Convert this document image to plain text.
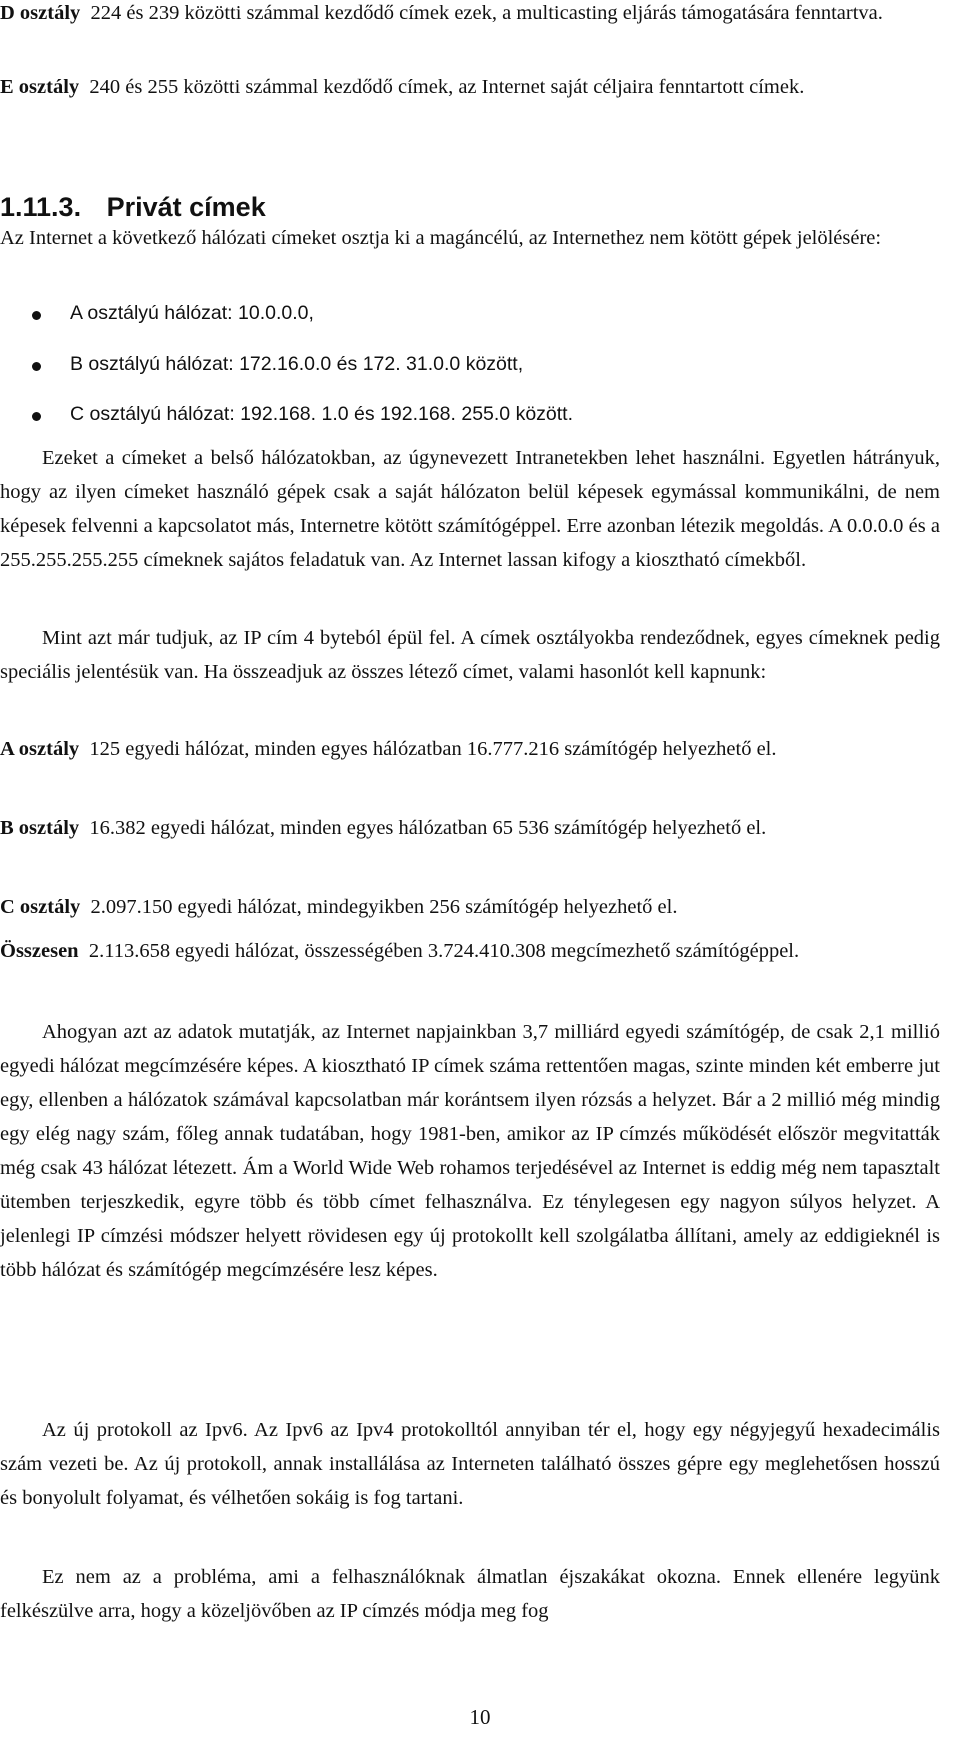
D osztály 224 és 239 közötti számmal kezdődő címek ezek, a multicasting eljárás támogatására fenntartva.
E osztály 240 és 255 közötti számmal kezdődő címek, az Internet saját céljaira fenntartott címek.
1.11.3. Privát címek

Az Internet a következő hálózati címeket osztja ki a magáncélú, az Internethez nem kötött gépek jelölésére:

A osztályú hálózat: 10.0.0.0,
B osztályú hálózat: 172.16.0.0 és 172. 31.0.0 között,
C osztályú hálózat: 192.168. 1.0 és 192.168. 255.0 között.

Ezeket a címeket a belső hálózatokban, az úgynevezett Intranetekben lehet használni. Egyetlen hátrányuk, hogy az ilyen címeket használó gépek csak a saját hálózaton belül képesek egymással kommunikálni, de nem képesek felvenni a kapcsolatot más, Internetre kötött számítógéppel. Erre azonban létezik megoldás. A 0.0.0.0 és a 255.255.255.255 címeknek sajátos feladatuk van. Az Internet lassan kifogy a kiosztható címekből.

Mint azt már tudjuk, az IP cím 4 byteból épül fel. A címek osztályokba rendeződnek, egyes címeknek pedig speciális jelentésük van. Ha összeadjuk az összes létező címet, valami hasonlót kell kapnunk:

A osztály 125 egyedi hálózat, minden egyes hálózatban 16.777.216 számítógép helyezhető el.
B osztály 16.382 egyedi hálózat, minden egyes hálózatban 65 536 számítógép helyezhető el.
C osztály 2.097.150 egyedi hálózat, mindegyikben 256 számítógép helyezhető el.
Összesen 2.113.658 egyedi hálózat, összességében 3.724.410.308 megcímezhető számítógéppel.

Ahogyan azt az adatok mutatják, az Internet napjainkban 3,7 milliárd egyedi számítógép, de csak 2,1 millió egyedi hálózat megcímzésére képes. A kiosztható IP címek száma rettentően magas, szinte minden két emberre jut egy, ellenben a hálózatok számával kapcsolatban már korántsem ilyen rózsás a helyzet. Bár a 2 millió még mindig egy elég nagy szám, főleg annak tudatában, hogy 1981-ben, amikor az IP címzés működését először megvitatták még csak 43 hálózat létezett. Ám a World Wide Web rohamos terjedésével az Internet is eddig még nem tapasztalt ütemben terjeszkedik, egyre több és több címet felhasználva. Ez ténylegesen egy nagyon súlyos helyzet. A jelenlegi IP címzési módszer helyett rövidesen egy új protokollt kell szolgálatba állítani, amely az eddigieknél is több hálózat és számítógép megcímzésére lesz képes.

Az új protokoll az Ipv6. Az Ipv6 az Ipv4 protokolltól annyiban tér el, hogy egy négyjegyű hexadecimális szám vezeti be. Az új protokoll, annak installálása az Interneten található összes gépre egy meglehetősen hosszú és bonyolult folyamat, és vélhetően sokáig is fog tartani.

Ez nem az a probléma, ami a felhasználóknak álmatlan éjszakákat okozna. Ennek ellenére legyünk felkészülve arra, hogy a közeljövőben az IP címzés módja meg fog

10
